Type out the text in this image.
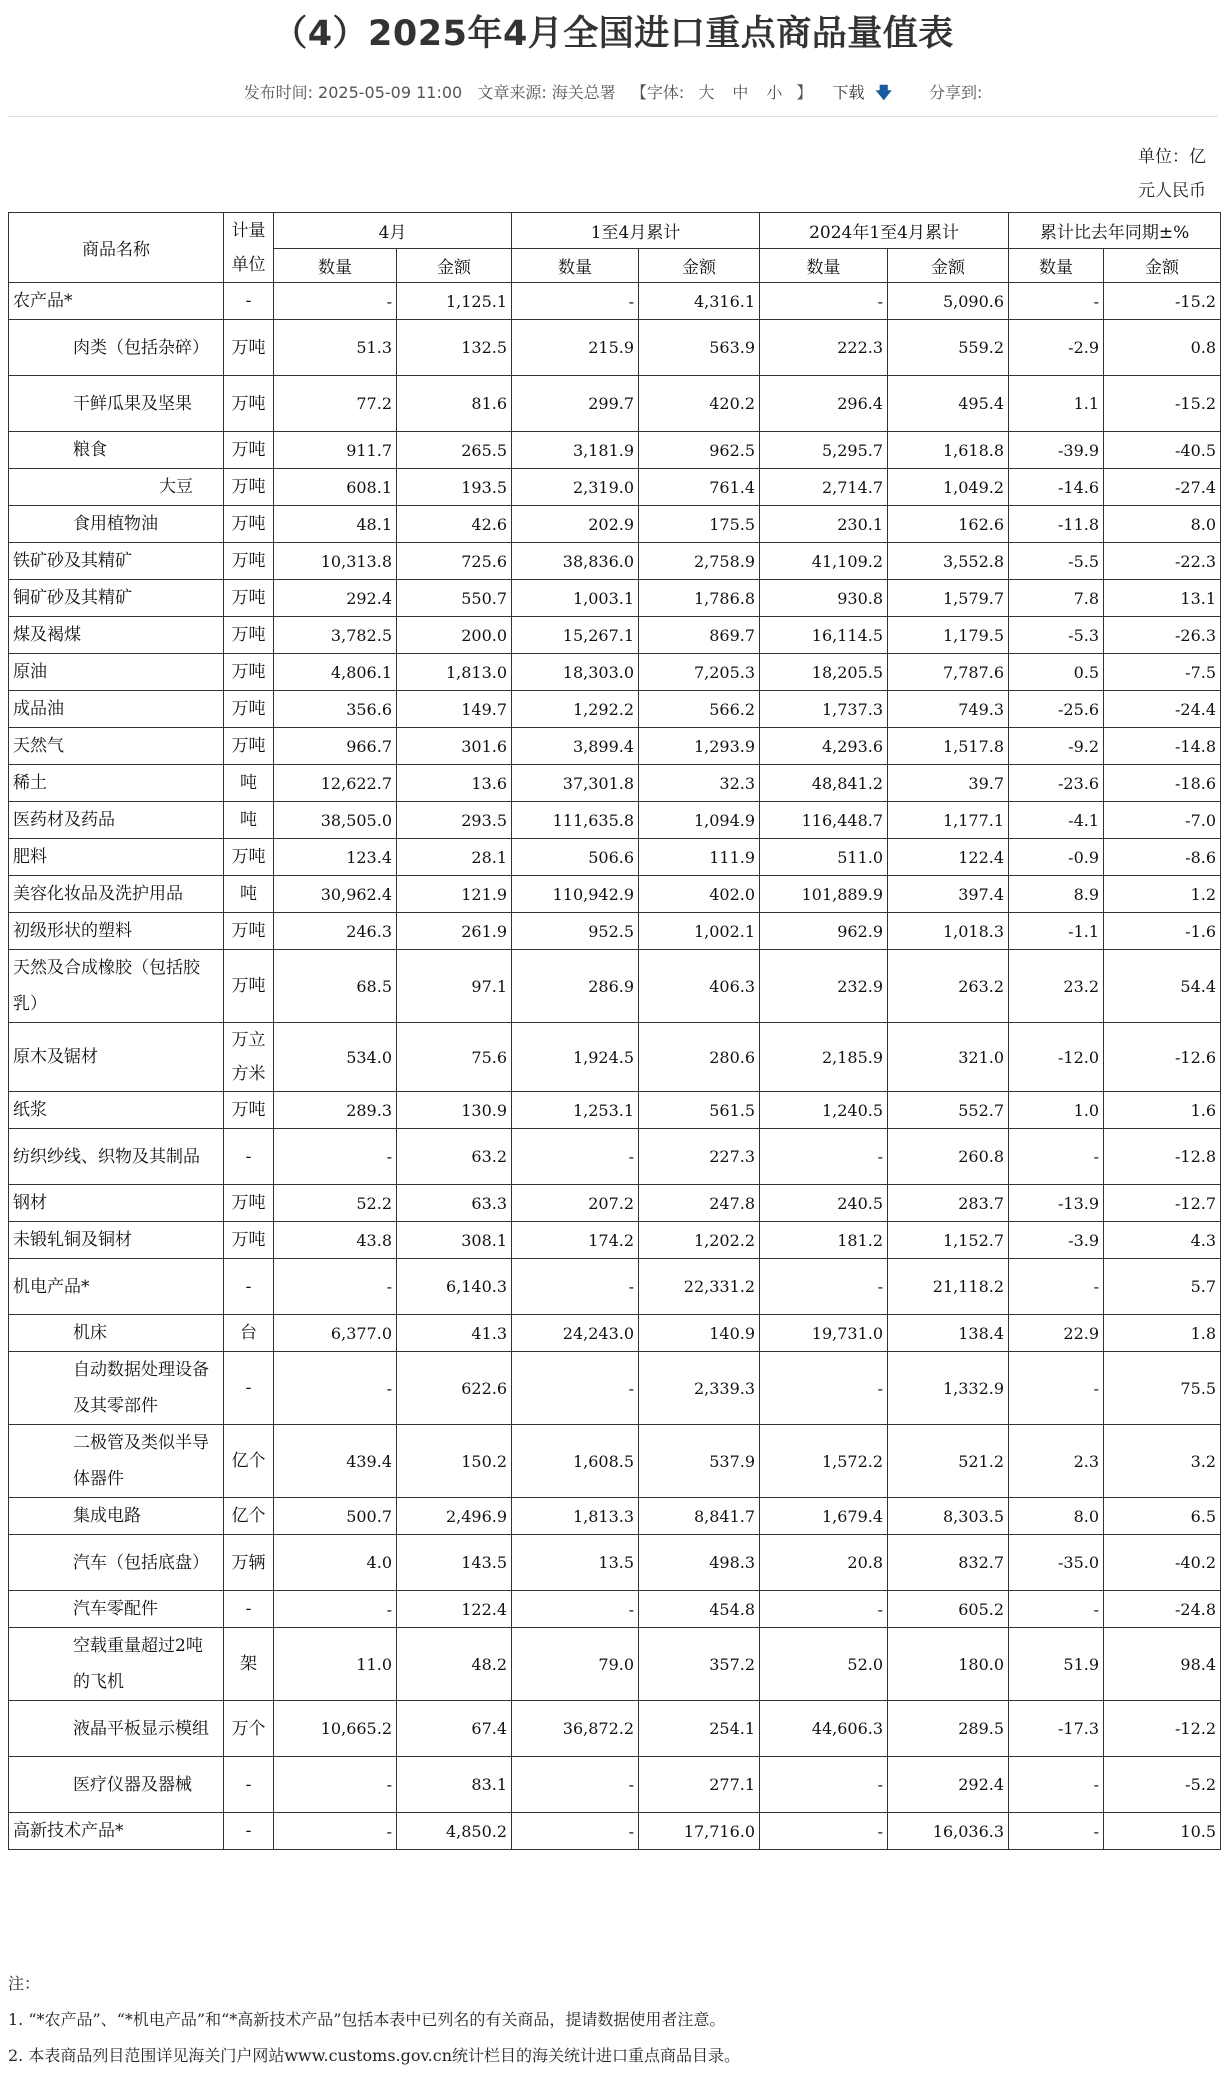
（4）2025年4月全国进口重点商品量值表
发布时间: 2025-05-09 11:00 文章来源: 海关总署 【字体: 大 中 小 】 下载 🡇 分享到:
单位：亿
元人民币
商品名称	计量单位	4月		1至4月累计		2024年1至4月累计		累计比去年同期±%	
		数量	金额	数量	金额	数量	金额	数量	金额
农产品*	-	-	1,125.1	-	4,316.1	-	5,090.6	-	-15.2
肉类（包括杂碎）	万吨	51.3	132.5	215.9	563.9	222.3	559.2	-2.9	0.8
干鲜瓜果及坚果	万吨	77.2	81.6	299.7	420.2	296.4	495.4	1.1	-15.2
粮食	万吨	911.7	265.5	3,181.9	962.5	5,295.7	1,618.8	-39.9	-40.5
大豆	万吨	608.1	193.5	2,319.0	761.4	2,714.7	1,049.2	-14.6	-27.4
食用植物油	万吨	48.1	42.6	202.9	175.5	230.1	162.6	-11.8	8.0
铁矿砂及其精矿	万吨	10,313.8	725.6	38,836.0	2,758.9	41,109.2	3,552.8	-5.5	-22.3
铜矿砂及其精矿	万吨	292.4	550.7	1,003.1	1,786.8	930.8	1,579.7	7.8	13.1
煤及褐煤	万吨	3,782.5	200.0	15,267.1	869.7	16,114.5	1,179.5	-5.3	-26.3
原油	万吨	4,806.1	1,813.0	18,303.0	7,205.3	18,205.5	7,787.6	0.5	-7.5
成品油	万吨	356.6	149.7	1,292.2	566.2	1,737.3	749.3	-25.6	-24.4
天然气	万吨	966.7	301.6	3,899.4	1,293.9	4,293.6	1,517.8	-9.2	-14.8
稀土	吨	12,622.7	13.6	37,301.8	32.3	48,841.2	39.7	-23.6	-18.6
医药材及药品	吨	38,505.0	293.5	111,635.8	1,094.9	116,448.7	1,177.1	-4.1	-7.0
肥料	万吨	123.4	28.1	506.6	111.9	511.0	122.4	-0.9	-8.6
美容化妆品及洗护用品	吨	30,962.4	121.9	110,942.9	402.0	101,889.9	397.4	8.9	1.2
初级形状的塑料	万吨	246.3	261.9	952.5	1,002.1	962.9	1,018.3	-1.1	-1.6
天然及合成橡胶（包括胶乳）	万吨	68.5	97.1	286.9	406.3	232.9	263.2	23.2	54.4
原木及锯材	万立方米	534.0	75.6	1,924.5	280.6	2,185.9	321.0	-12.0	-12.6
纸浆	万吨	289.3	130.9	1,253.1	561.5	1,240.5	552.7	1.0	1.6
纺织纱线、织物及其制品	-	-	63.2	-	227.3	-	260.8	-	-12.8
钢材	万吨	52.2	63.3	207.2	247.8	240.5	283.7	-13.9	-12.7
未锻轧铜及铜材	万吨	43.8	308.1	174.2	1,202.2	181.2	1,152.7	-3.9	4.3
机电产品*	-	-	6,140.3	-	22,331.2	-	21,118.2	-	5.7
机床	台	6,377.0	41.3	24,243.0	140.9	19,731.0	138.4	22.9	1.8
自动数据处理设备及其零部件	-	-	622.6	-	2,339.3	-	1,332.9	-	75.5
二极管及类似半导体器件	亿个	439.4	150.2	1,608.5	537.9	1,572.2	521.2	2.3	3.2
集成电路	亿个	500.7	2,496.9	1,813.3	8,841.7	1,679.4	8,303.5	8.0	6.5
汽车（包括底盘）	万辆	4.0	143.5	13.5	498.3	20.8	832.7	-35.0	-40.2
汽车零配件	-	-	122.4	-	454.8	-	605.2	-	-24.8
空载重量超过2吨的飞机	架	11.0	48.2	79.0	357.2	52.0	180.0	51.9	98.4
液晶平板显示模组	万个	10,665.2	67.4	36,872.2	254.1	44,606.3	289.5	-17.3	-12.2
医疗仪器及器械	-	-	83.1	-	277.1	-	292.4	-	-5.2
高新技术产品*	-	-	4,850.2	-	17,716.0	-	16,036.3	-	10.5
注：
1. “*农产品”、“*机电产品”和“*高新技术产品”包括本表中已列名的有关商品，提请数据使用者注意。
2. 本表商品列目范围详见海关门户网站www.customs.gov.cn统计栏目的海关统计进口重点商品目录。
